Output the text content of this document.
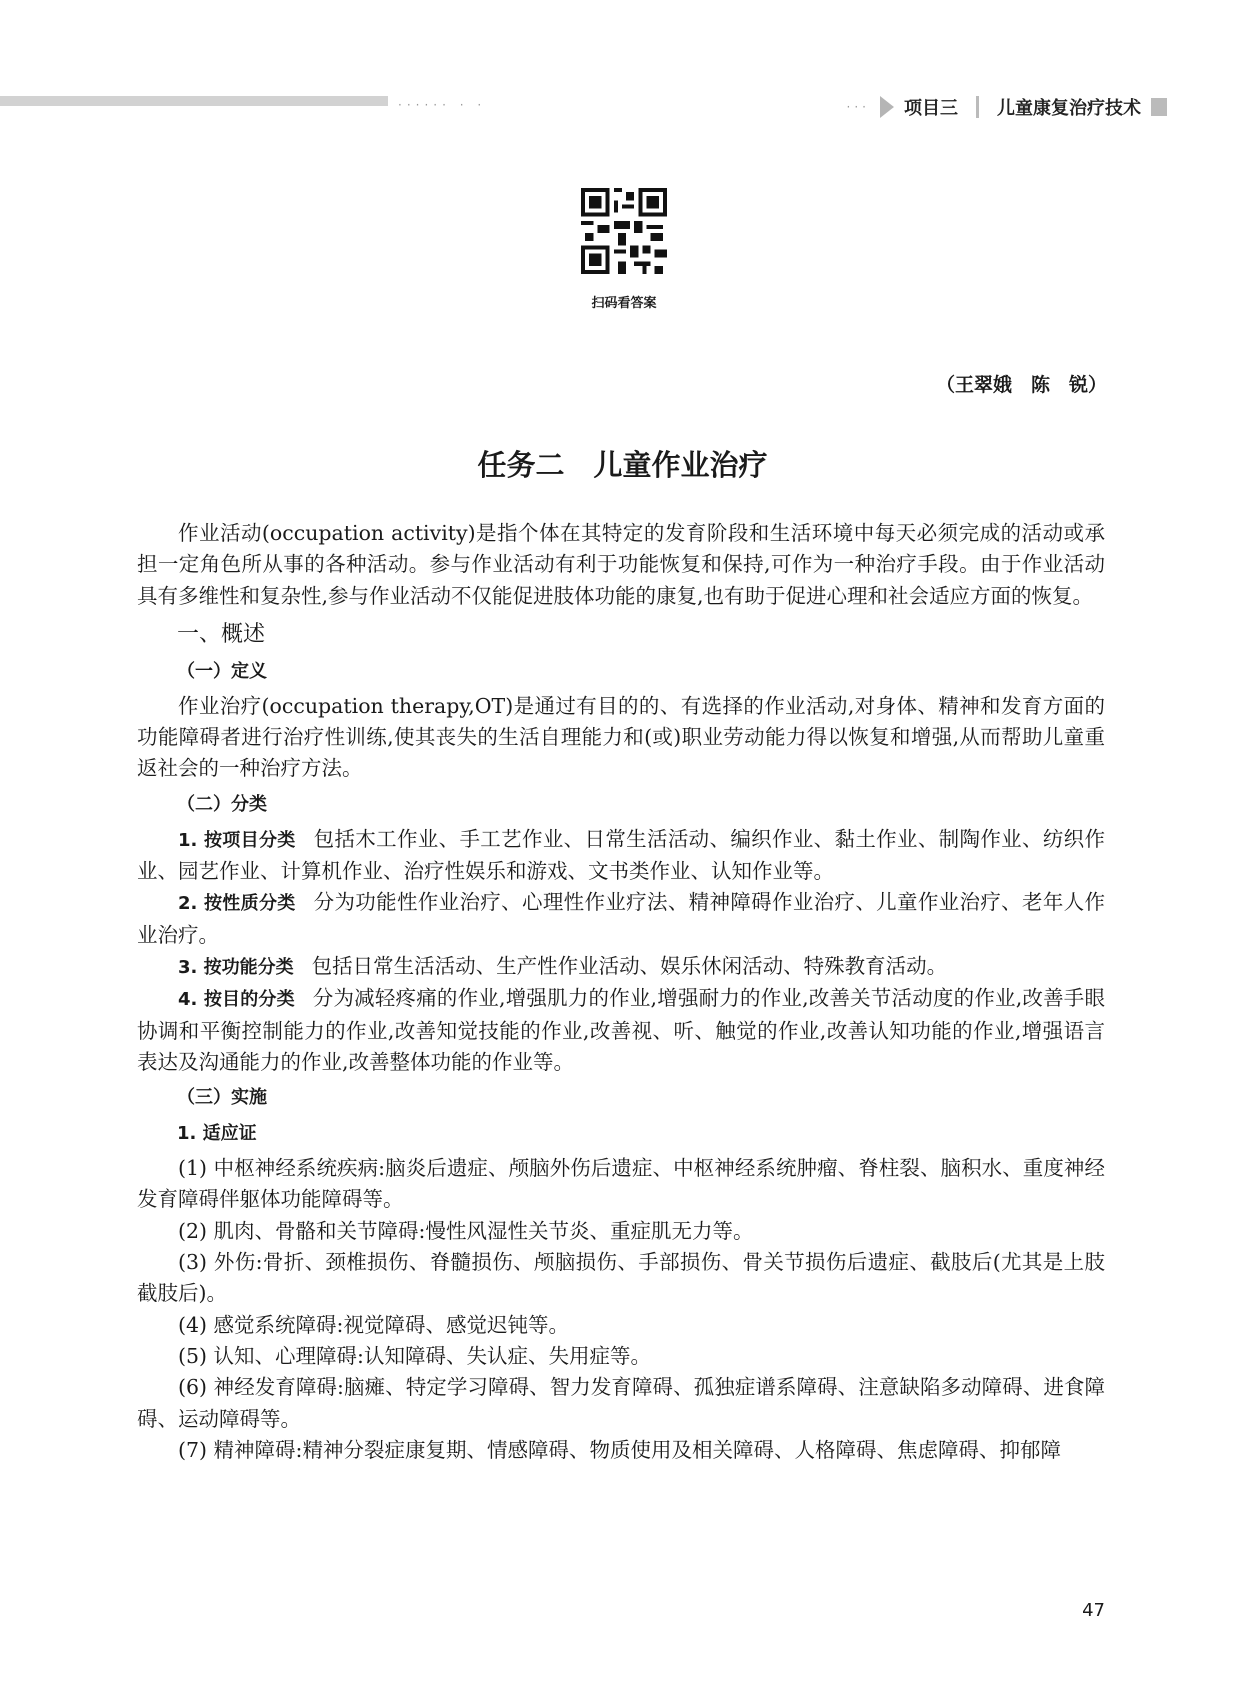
······ · ·	··· 项目三 儿童康复治疗技术
扫码看答案
（王翠娥　陈　锐）
任务二　儿童作业治疗

作业活动(occupation activity)是指个体在其特定的发育阶段和生活环境中每天必须完成的活动或承担一定角色所从事的各种活动。参与作业活动有利于功能恢复和保持,可作为一种治疗手段。由于作业活动具有多维性和复杂性,参与作业活动不仅能促进肢体功能的康复,也有助于促进心理和社会适应方面的恢复。

一、概述
（一）定义

作业治疗(occupation therapy,OT)是通过有目的的、有选择的作业活动,对身体、精神和发育方面的功能障碍者进行治疗性训练,使其丧失的生活自理能力和(或)职业劳动能力得以恢复和增强,从而帮助儿童重返社会的一种治疗方法。

（二）分类

1. 按项目分类 包括木工作业、手工艺作业、日常生活活动、编织作业、黏土作业、制陶作业、纺织作业、园艺作业、计算机作业、治疗性娱乐和游戏、文书类作业、认知作业等。

2. 按性质分类 分为功能性作业治疗、心理性作业疗法、精神障碍作业治疗、儿童作业治疗、老年人作业治疗。

3. 按功能分类 包括日常生活活动、生产性作业活动、娱乐休闲活动、特殊教育活动。

4. 按目的分类 分为减轻疼痛的作业,增强肌力的作业,增强耐力的作业,改善关节活动度的作业,改善手眼协调和平衡控制能力的作业,改善知觉技能的作业,改善视、听、触觉的作业,改善认知功能的作业,增强语言表达及沟通能力的作业,改善整体功能的作业等。

（三）实施
1. 适应证

(1) 中枢神经系统疾病:脑炎后遗症、颅脑外伤后遗症、中枢神经系统肿瘤、脊柱裂、脑积水、重度神经发育障碍伴躯体功能障碍等。

(2) 肌肉、骨骼和关节障碍:慢性风湿性关节炎、重症肌无力等。

(3) 外伤:骨折、颈椎损伤、脊髓损伤、颅脑损伤、手部损伤、骨关节损伤后遗症、截肢后(尤其是上肢截肢后)。

(4) 感觉系统障碍:视觉障碍、感觉迟钝等。

(5) 认知、心理障碍:认知障碍、失认症、失用症等。

(6) 神经发育障碍:脑瘫、特定学习障碍、智力发育障碍、孤独症谱系障碍、注意缺陷多动障碍、进食障碍、运动障碍等。

(7) 精神障碍:精神分裂症康复期、情感障碍、物质使用及相关障碍、人格障碍、焦虑障碍、抑郁障

47
